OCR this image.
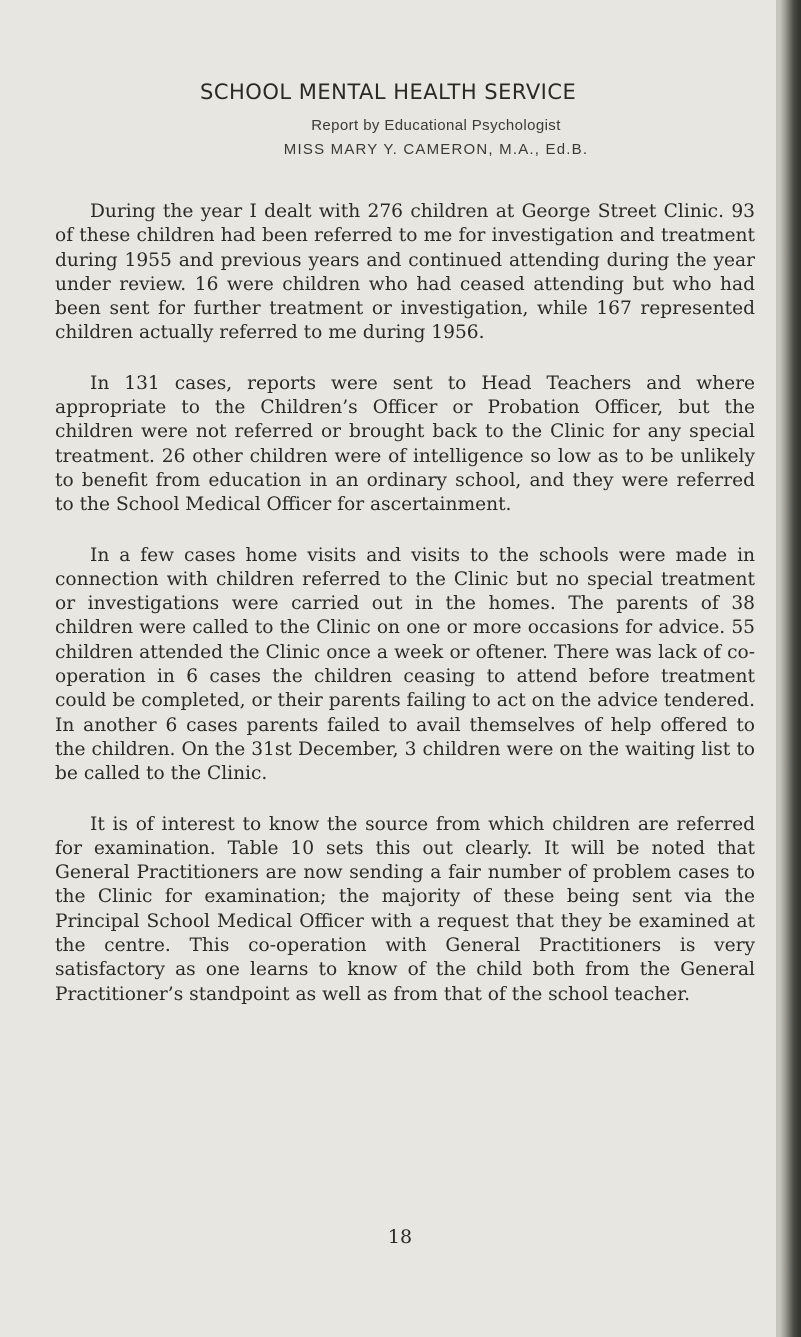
SCHOOL MENTAL HEALTH SERVICE
Report by Educational Psychologist
MISS MARY Y. CAMERON, M.A., Ed.B.

During the year I dealt with 276 children at George Street Clinic. 93 of these children had been referred to me for investigation and treatment during 1955 and previous years and continued attending during the year under review. 16 were children who had ceased attending but who had been sent for further treatment or investigation, while 167 represented children actually referred to me during 1956.

In 131 cases, reports were sent to Head Teachers and where appropriate to the Children’s Officer or Probation Officer, but the children were not referred or brought back to the Clinic for any special treatment. 26 other children were of intelligence so low as to be unlikely to benefit from education in an ordinary school, and they were referred to the School Medical Officer for ascertainment.

In a few cases home visits and visits to the schools were made in connection with children referred to the Clinic but no special treatment or investigations were carried out in the homes. The parents of 38 children were called to the Clinic on one or more occasions for advice. 55 children attended the Clinic once a week or oftener. There was lack of co-operation in 6 cases the children ceasing to attend before treatment could be completed, or their parents failing to act on the advice tendered. In another 6 cases parents failed to avail themselves of help offered to the children. On the 31st December, 3 children were on the waiting list to be called to the Clinic.

It is of interest to know the source from which children are referred for examination. Table 10 sets this out clearly. It will be noted that General Practitioners are now sending a fair number of problem cases to the Clinic for examination; the majority of these being sent via the Principal School Medical Officer with a request that they be examined at the centre. This co-operation with General Practitioners is very satisfactory as one learns to know of the child both from the General Practitioner’s standpoint as well as from that of the school teacher.

18
